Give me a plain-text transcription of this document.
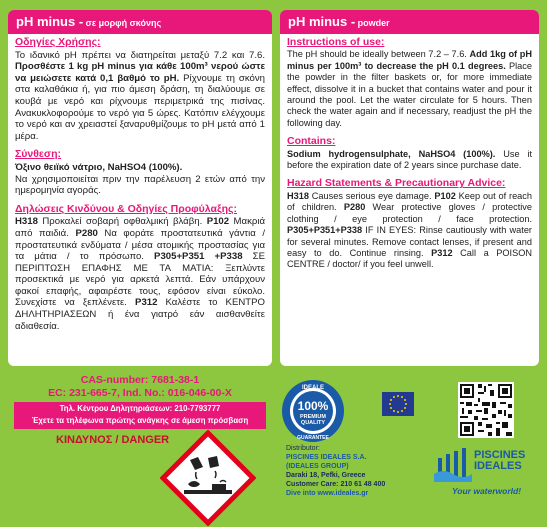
pH minus - σε μορφή σκόνης
Οδηγίες Χρήσης:

Το ιδανικό pH πρέπει να διατηρείται μεταξύ 7.2 και 7.6. Προσθέστε 1 kg pH minus για κάθε 100m³ νερού ώστε να μειώσετε κατά 0,1 βαθμό το pH. Ρίχνουμε τη σκόνη στα καλαθάκια ή, για πιο άμεση δράση, τη διαλύουμε σε κουβά με νερό και ρίχνουμε περιμετρικά της πισίνας. Ανακυκλοφορούμε το νερό για 5 ώρες. Κατόπιν ελέγχουμε το νερό και αν χρειαστεί ξαναρυθμίζουμε το pH μετά από 1 μέρα.

Σύνθεση:

Όξινο θειϊκό νάτριο, NaHSO4 (100%).
Να χρησιμοποιείται πριν την παρέλευση 2 ετών από την ημερομηνία αγοράς.

Δηλώσεις Κινδύνου & Οδηγίες Προφύλαξης:

H318 Προκαλεί σοβαρή οφθαλμική βλάβη. P102 Μακριά από παιδιά. P280 Να φοράτε προστατευτικά γάντια / προστατευτικά ενδύματα / μέσα ατομικής προστασίας για τα μάτια / το πρόσωπο. P305+P351 +P338 ΣΕ ΠΕΡΙΠΤΩΣΗ ΕΠΑΦΗΣ ΜΕ ΤΑ ΜΑΤΙΑ: Ξεπλύντε προσεκτικά με νερό για αρκετά λεπτά. Εάν υπάρχουν φακοί επαφής, αφαιρέστε τους, εφόσον είναι εύκολο. Συνεχίστε να ξεπλένετε. P312 Καλέστε το ΚΕΝΤΡΟ ΔΗΛΗΤΗΡΙΑΣΕΩΝ ή ένα γιατρό εάν αισθανθείτε αδιαθεσία.

pH minus - powder
Instructions of use:

The pH should be ideally between 7.2 – 7.6. Add 1kg of pH minus per 100m³ to decrease the pH 0.1 degrees. Place the powder in the filter baskets or, for more immediate effect, dissolve it in a bucket that contains water and pour it around the pool. Let the water circulate for 5 hours. Then check the water again and if necessary, readjust the pH the following day.

Contains:

Sodium hydrogensulphate, NaHSO4 (100%). Use it before the expiration date of 2 years since purchase date.

Hazard Statements & Precautionary Advice:

H318 Causes serious eye damage. P102 Keep out of reach of children. P280 Wear protective gloves / protective clothing / eye protection / face protection. P305+P351+P338 IF IN EYES: Rinse cautiously with water for several minutes. Remove contact lenses, if present and easy to do. Continue rinsing. P312 Call a POISON CENTRE / doctor/ if you feel unwell.

CAS-number: 7681-38-1
EC: 231-665-7, Ind. No.: 016-046-00-X
Τηλ. Κέντρου Δηλητηριάσεων: 210-7793777
Έχετε τα τηλέφωνα πρώτης ανάγκης σε άμεση πρόσβαση
ΚΙΝΔΥΝΟΣ / DANGER
IDEALE
100%
PREMIUM
QUALITY
GUARANTEE
Distributor:
PISCINES IDEALES S.A.
(IDEALES GROUP)
Daraki 18, Pefki, Greece
Customer Care: 210 61 48 400
Dive into www.ideales.gr
PISCINES
IDEALES
Your waterworld!
